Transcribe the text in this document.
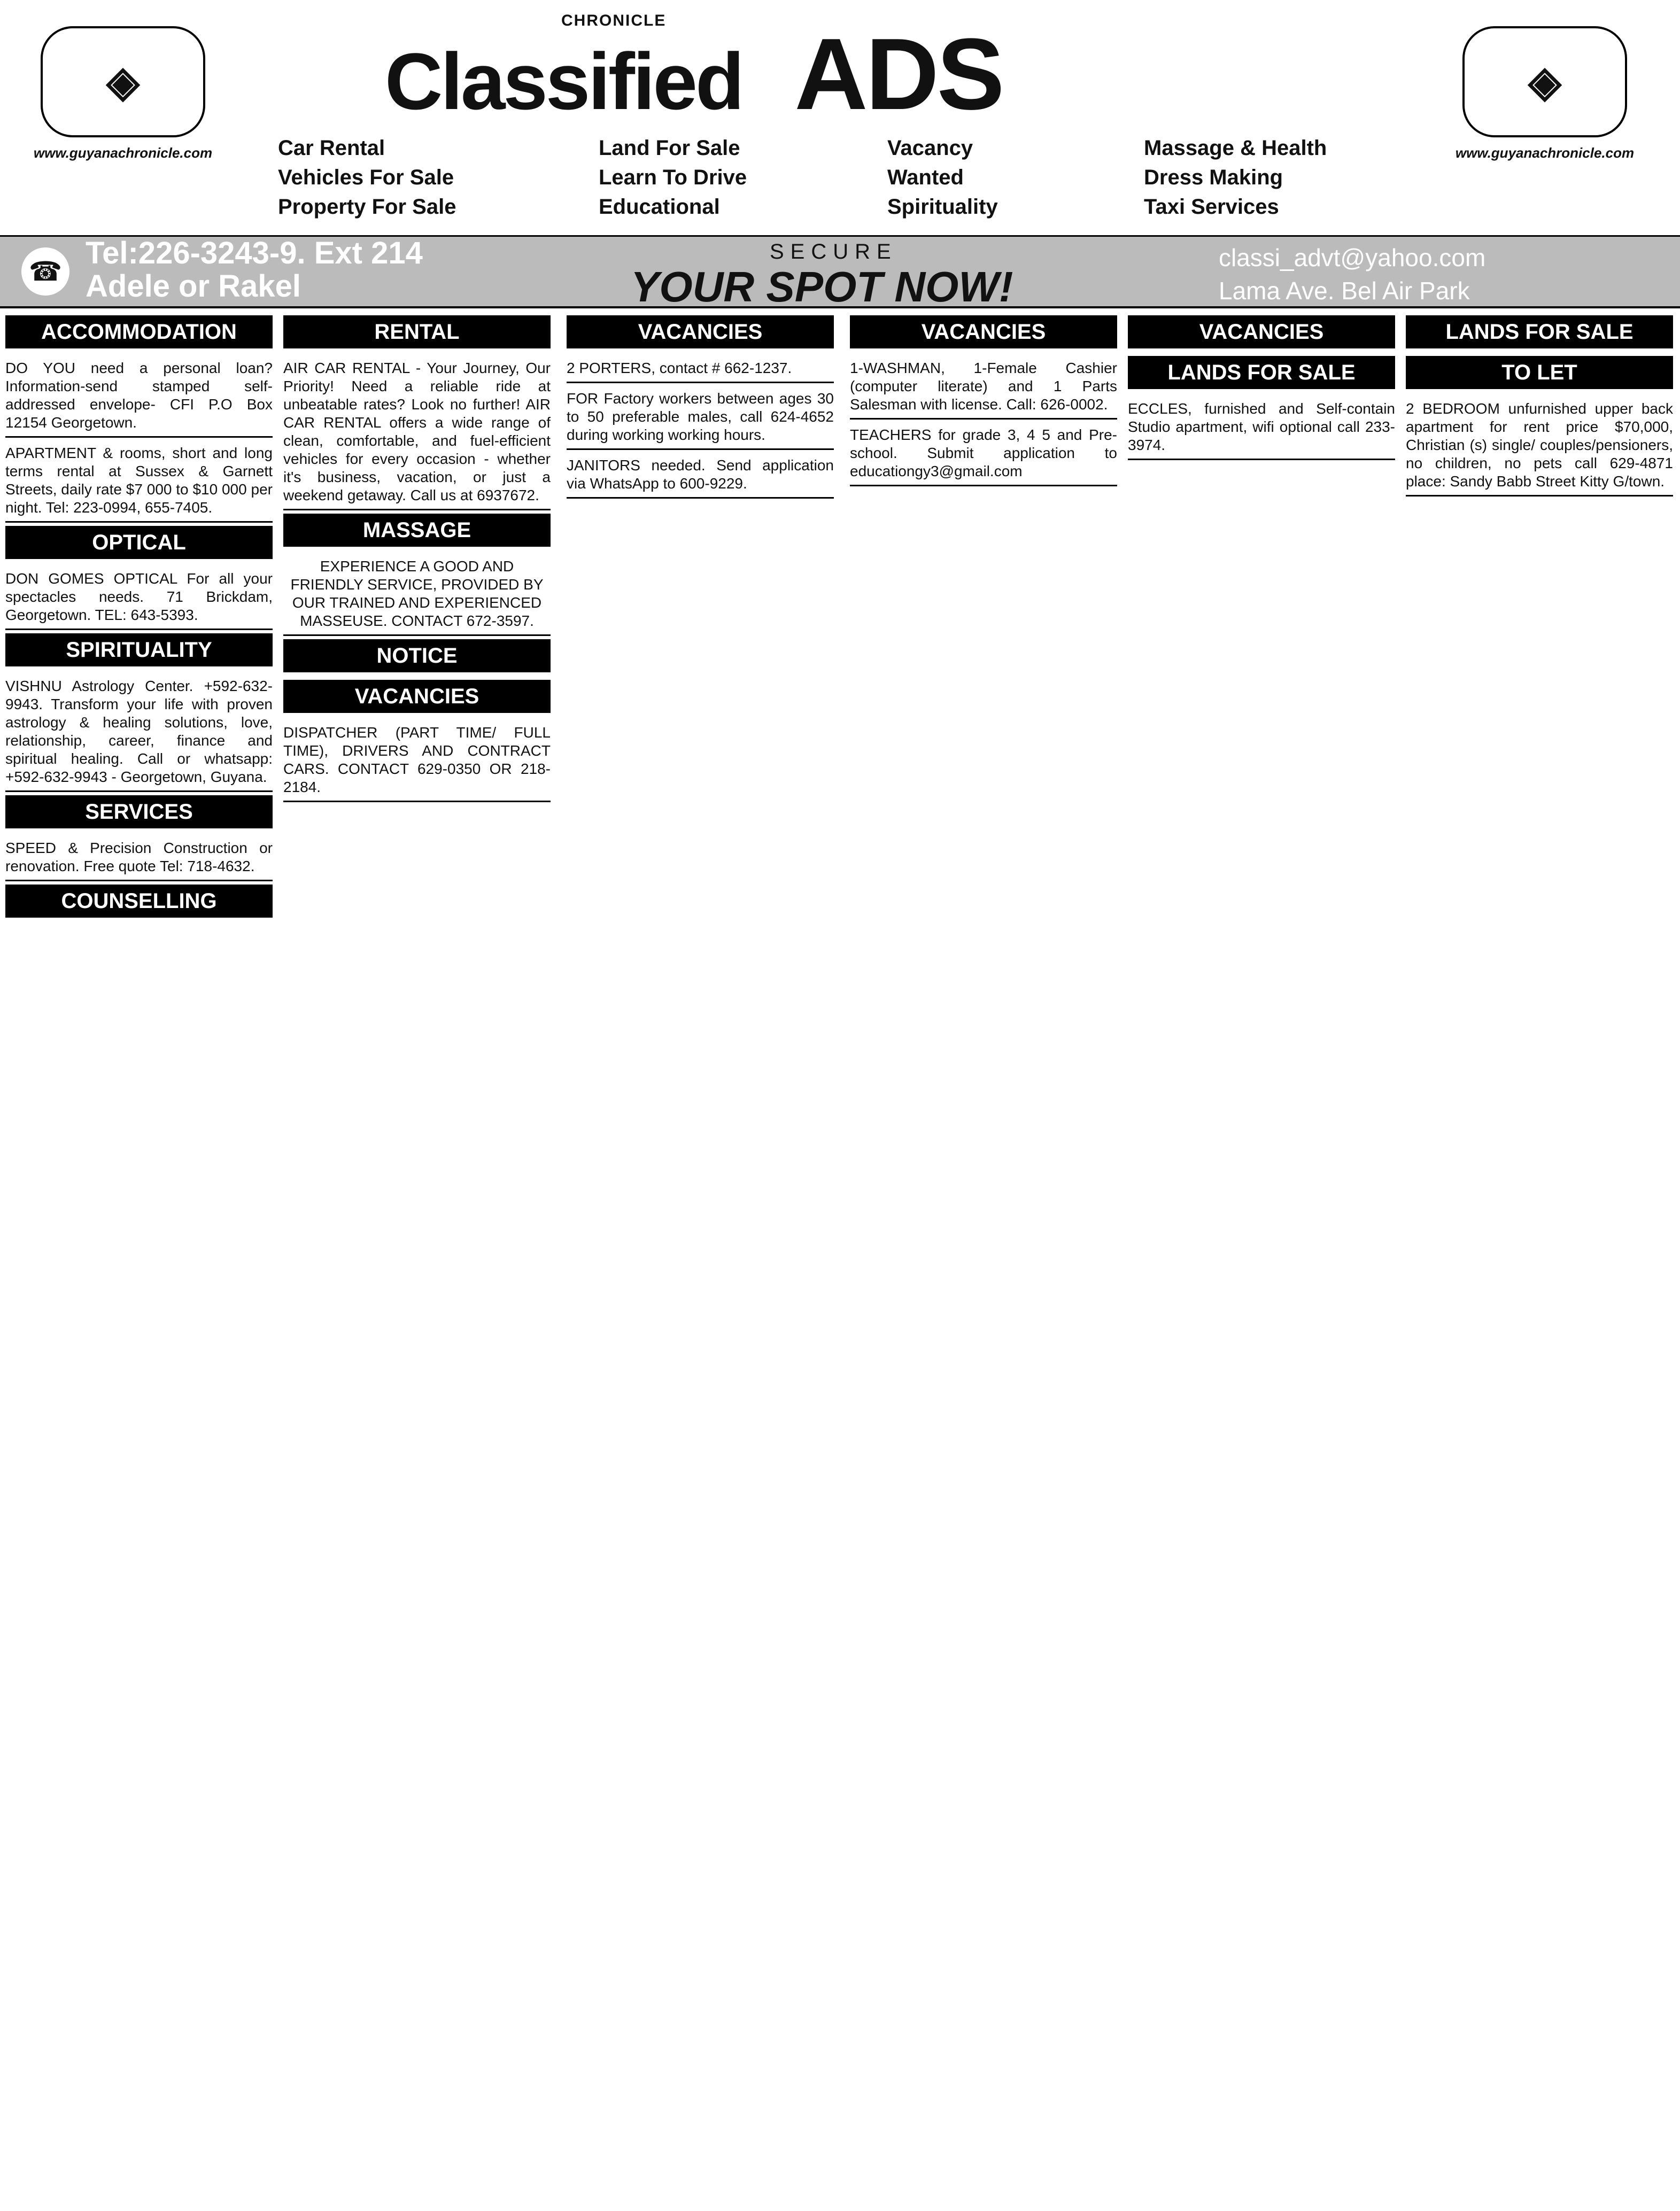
◈
www.guyanachronicle.com
CHRONICLE
Classified ADS
Car Rental
Vehicles For Sale
Property For Sale
Land For Sale
Learn To Drive
Educational
Vacancy
Wanted
Spirituality
Massage & Health
Dress Making
Taxi Services
◈
www.guyanachronicle.com
☎
Tel:226-3243-9. Ext 214
Adele or Rakel
SECURE
YOUR SPOT NOW!
classi_advt@yahoo.com
Lama Ave. Bel Air Park
ACCOMMODATION
DO YOU need a personal loan? Information-send stamped self-addressed envelope- CFI P.O Box 12154 Georgetown.
APARTMENT & rooms, short and long terms rental at Sussex & Garnett Streets, daily rate $7 000 to $10 000 per night. Tel: 223-0994, 655-7405.
OPTICAL
DON GOMES OPTICAL For all your spectacles needs. 71 Brickdam, Georgetown. TEL: 643-5393.
SPIRITUALITY
VISHNU Astrology Center. +592-632-9943. Transform your life with proven astrology & healing solutions, love, relationship, career, finance and spiritual healing. Call or whatsapp: +592-632-9943 - Georgetown, Guyana.
SERVICES
SPEED & Precision Construction or renovation. Free quote Tel: 718-4632.
COUNSELLING
RENTAL
AIR CAR RENTAL - Your Journey, Our Priority! Need a reliable ride at unbeatable rates? Look no further! AIR CAR RENTAL offers a wide range of clean, comfortable, and fuel-efficient vehicles for every occasion - whether it's business, vacation, or just a weekend getaway. Call us at 6937672.
MASSAGE
EXPERIENCE A GOOD AND FRIENDLY SERVICE, PROVIDED BY OUR TRAINED AND EXPERIENCED MASSEUSE. CONTACT 672-3597.
NOTICE
VACANCIES
DISPATCHER (PART TIME/ FULL TIME), DRIVERS AND CONTRACT CARS. CONTACT 629-0350 OR 218-2184.
VACANCIES
2 PORTERS, contact # 662-1237.
FOR Factory workers between ages 30 to 50 preferable males, call 624-4652 during working working hours.
JANITORS needed. Send application via WhatsApp to 600-9229.
VACANCIES
1-WASHMAN, 1-Female Cashier (computer literate) and 1 Parts Salesman with license. Call: 626-0002.
TEACHERS for grade 3, 4 5 and Pre-school. Submit application to educationgy3@gmail.com
VACANCIES
LANDS FOR SALE
ECCLES, furnished and Self-contain Studio apartment, wifi optional call 233-3974.
LANDS FOR SALE
TO LET
2 BEDROOM unfurnished upper back apartment for rent price $70,000, Christian (s) single/ couples/pensioners, no children, no pets call 629-4871 place: Sandy Babb Street Kitty G/town.
